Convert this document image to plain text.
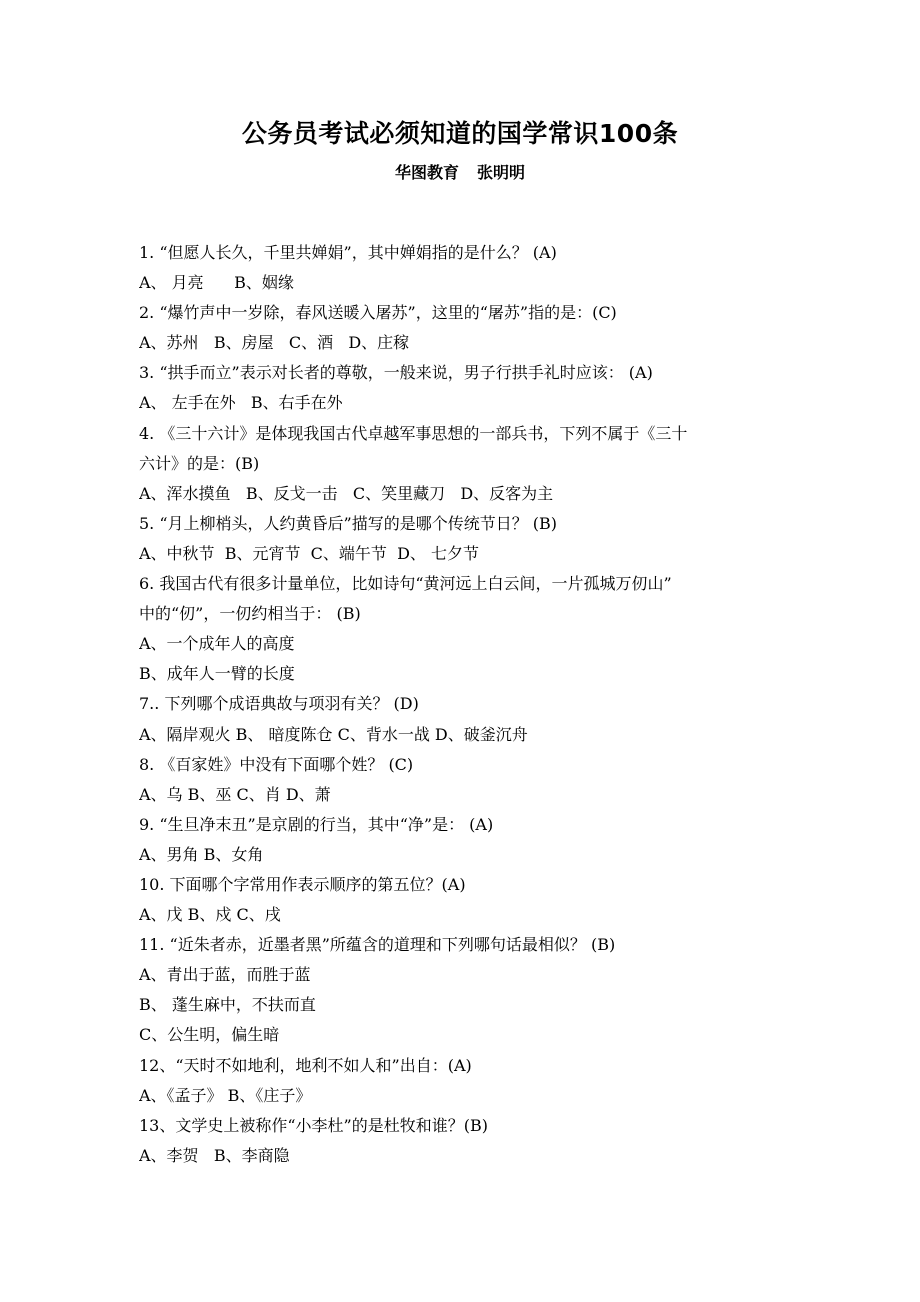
公务员考试必须知道的国学常识100条
华图教育 张明明
1. “但愿人长久，千里共婵娟”，其中婵娟指的是什么？ (A)
A、 月亮      B、姻缘
2. “爆竹声中一岁除，春风送暖入屠苏”，这里的“屠苏”指的是：(C)
A、苏州   B、房屋   C、酒   D、庄稼
3. “拱手而立”表示对长者的尊敬，一般来说，男子行拱手礼时应该： (A)
A、 左手在外   B、右手在外
4. 《三十六计》是体现我国古代卓越军事思想的一部兵书，下列不属于《三十
六计》的是：(B)
A、浑水摸鱼   B、反戈一击   C、笑里藏刀   D、反客为主
5. “月上柳梢头，人约黄昏后”描写的是哪个传统节日？ (B)
A、中秋节  B、元宵节  C、端午节  D、 七夕节
6. 我国古代有很多计量单位，比如诗句“黄河远上白云间，一片孤城万仞山”
中的“仞”，一仞约相当于： (B)
A、一个成年人的高度
B、成年人一臂的长度
7.. 下列哪个成语典故与项羽有关？ (D)
A、隔岸观火 B、 暗度陈仓 C、背水一战 D、破釜沉舟
8. 《百家姓》中没有下面哪个姓？ (C)
A、乌 B、巫 C、肖 D、萧
9. “生旦净末丑”是京剧的行当，其中“净”是： (A)
A、男角 B、女角
10. 下面哪个字常用作表示顺序的第五位？(A)
A、戊 B、戍 C、戌
11. “近朱者赤，近墨者黑”所蕴含的道理和下列哪句话最相似？ (B)
A、青出于蓝，而胜于蓝
B、 蓬生麻中，不扶而直
C、公生明，偏生暗
12、“天时不如地利，地利不如人和”出自：(A)
A、《孟子》 B、《庄子》
13、文学史上被称作“小李杜”的是杜牧和谁？(B)
A、李贺   B、李商隐
